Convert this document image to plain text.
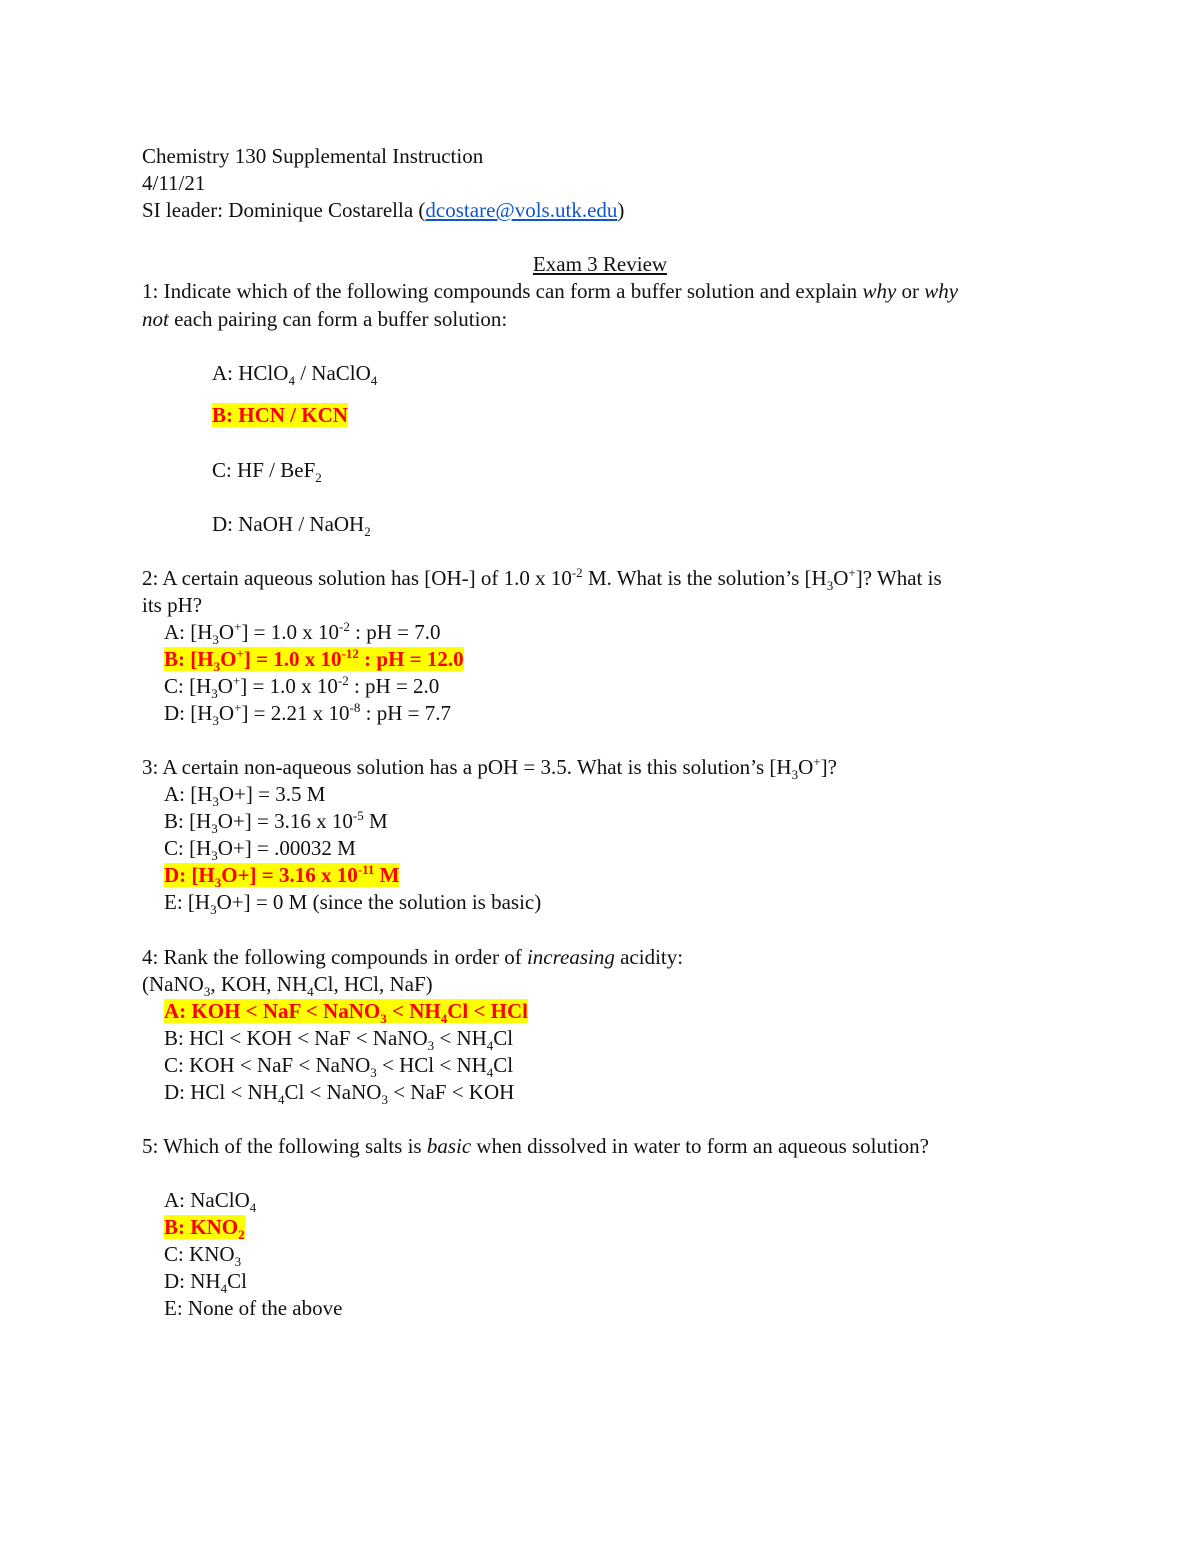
Chemistry 130 Supplemental Instruction
4/11/21
SI leader: Dominique Costarella (dcostare@vols.utk.edu)
Exam 3 Review
1: Indicate which of the following compounds can form a buffer solution and explain why or why
not each pairing can form a buffer solution:
A: HClO$_4$ / NaClO$_4$
B: HCN / KCN
C: HF / BeF$_2$
D: NaOH / NaOH$_2$
2: A certain aqueous solution has [OH-] of 1.0 x $10^{-2}$ M. What is the solution’s $[H_3O^+]$? What is
its pH?
A: $[H_3O^+] = 1.0$ x $10^{-2}$ : pH = 7.0
B: $[H_3O^+] = 1.0$ x $10^{-12}$ : pH = 12.0
C: $[H_3O^+] = 1.0$ x $10^{-2}$ : pH = 2.0
D: $[H_3O^+] = 2.21$ x $10^{-8}$ : pH = 7.7
3: A certain non-aqueous solution has a pOH = 3.5. What is this solution’s $[H_3O^+]$?
A: $[H_3O+] = 3.5$ M
B: $[H_3O+] = 3.16$ x $10^{-5}$ M
C: $[H_3O+] = .00032$ M
D: $[H_3O+] = 3.16$ x $10^{-11}$ M
E: $[H_3O+] = 0$ M (since the solution is basic)
4: Rank the following compounds in order of increasing acidity:
(NaNO$_3$, KOH, $NH_4Cl$, HCl, NaF)
A: KOH < NaF < NaNO$_3$ < $NH_4Cl$ < HCl
B: HCl < KOH < NaF < NaNO$_3$ < $NH_4Cl$
C: KOH < NaF < NaNO$_3$ < HCl < $NH_4Cl$
D: HCl < $NH_4Cl$ < NaNO$_3$ < NaF < KOH
5: Which of the following salts is basic when dissolved in water to form an aqueous solution?
A: NaClO$_4$
B: $KNO_2$
C: $KNO_3$
D: $NH_4Cl$
E: None of the above
